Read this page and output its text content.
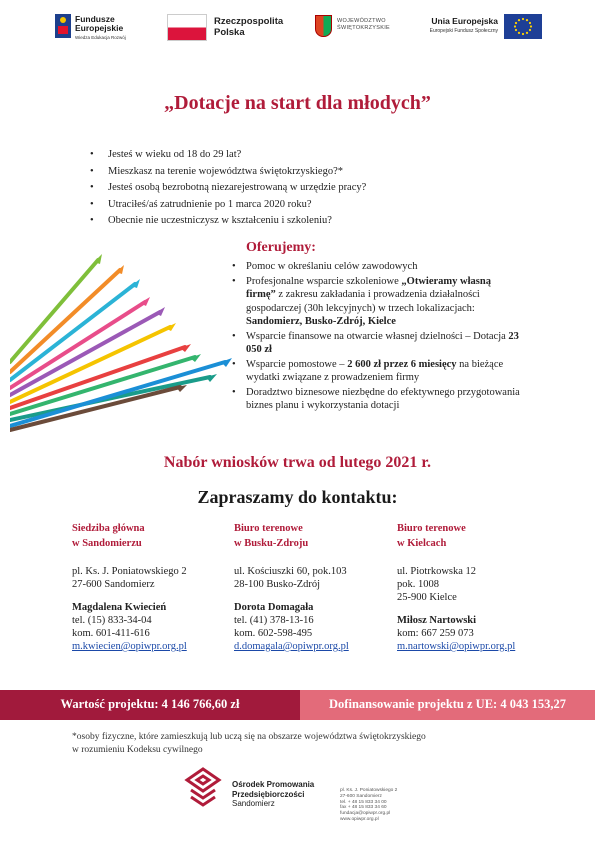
Fundusze Europejskie
Wiedza Edukacja Rozwój
Rzeczpospolita Polska
WOJEWÓDZTWO ŚWIĘTOKRZYSKIE
Unia Europejska
Europejski Fundusz Społeczny
„Dotacje na start dla młodych”
• Jesteś w wieku od 18 do 29 lat?
• Mieszkasz na terenie województwa świętokrzyskiego?*
• Jesteś osobą bezrobotną niezarejestrowaną w urzędzie pracy?
• Utraciłeś/aś zatrudnienie po 1 marca 2020 roku?
• Obecnie nie uczestniczysz w kształceniu i szkoleniu?
Oferujemy:
• Pomoc w określaniu celów zawodowych
• Profesjonalne wsparcie szkoleniowe „Otwieramy własną firmę” z zakresu zakładania i prowadzenia działalności gospodarczej (30h lekcyjnych) w trzech lokalizacjach: Sandomierz, Busko-Zdrój, Kielce
• Wsparcie finansowe na otwarcie własnej dzielności – Dotacja 23 050 zł
• Wsparcie pomostowe – 2 600 zł przez 6 miesięcy na bieżące wydatki związane z prowadzeniem firmy
• Doradztwo biznesowe niezbędne do efektywnego przygotowania biznes planu i wykorzystania dotacji
Nabór wniosków trwa od lutego 2021 r.
Zapraszamy do kontaktu:
Siedziba główna
w Sandomierzu
pl. Ks. J. Poniatowskiego 2
27-600 Sandomierz
Magdalena Kwiecień
tel. (15) 833-34-04
kom. 601-411-616
m.kwiecien@opiwpr.org.pl
Biuro terenowe
w Busku-Zdroju
ul. Kościuszki 60, pok.103
28-100 Busko-Zdrój
Dorota Domagała
tel. (41) 378-13-16
kom. 602-598-495
d.domagala@opiwpr.org.pl
Biuro terenowe
w Kielcach
ul. Piotrkowska 12
pok. 1008
25-900 Kielce
Miłosz Nartowski
kom: 667 259 073
m.nartowski@opiwpr.org.pl
Wartość projektu: 4 146 766,60 zł	Dofinansowanie projektu z UE: 4 043 153,27
*osoby fizyczne, które zamieszkują lub uczą się na obszarze województwa świętokrzyskiego
w rozumieniu Kodeksu cywilnego
Ośrodek Promowania
Przedsiębiorczości
Sandomierz
pl. Ks. J. Poniatowskiego 2
27-600 Sandomierz
tel. + 48 15 833 34 00
fax + 48 15 833 34 60
fundacja@opiwpr.org.pl
www.opiwpr.org.pl
